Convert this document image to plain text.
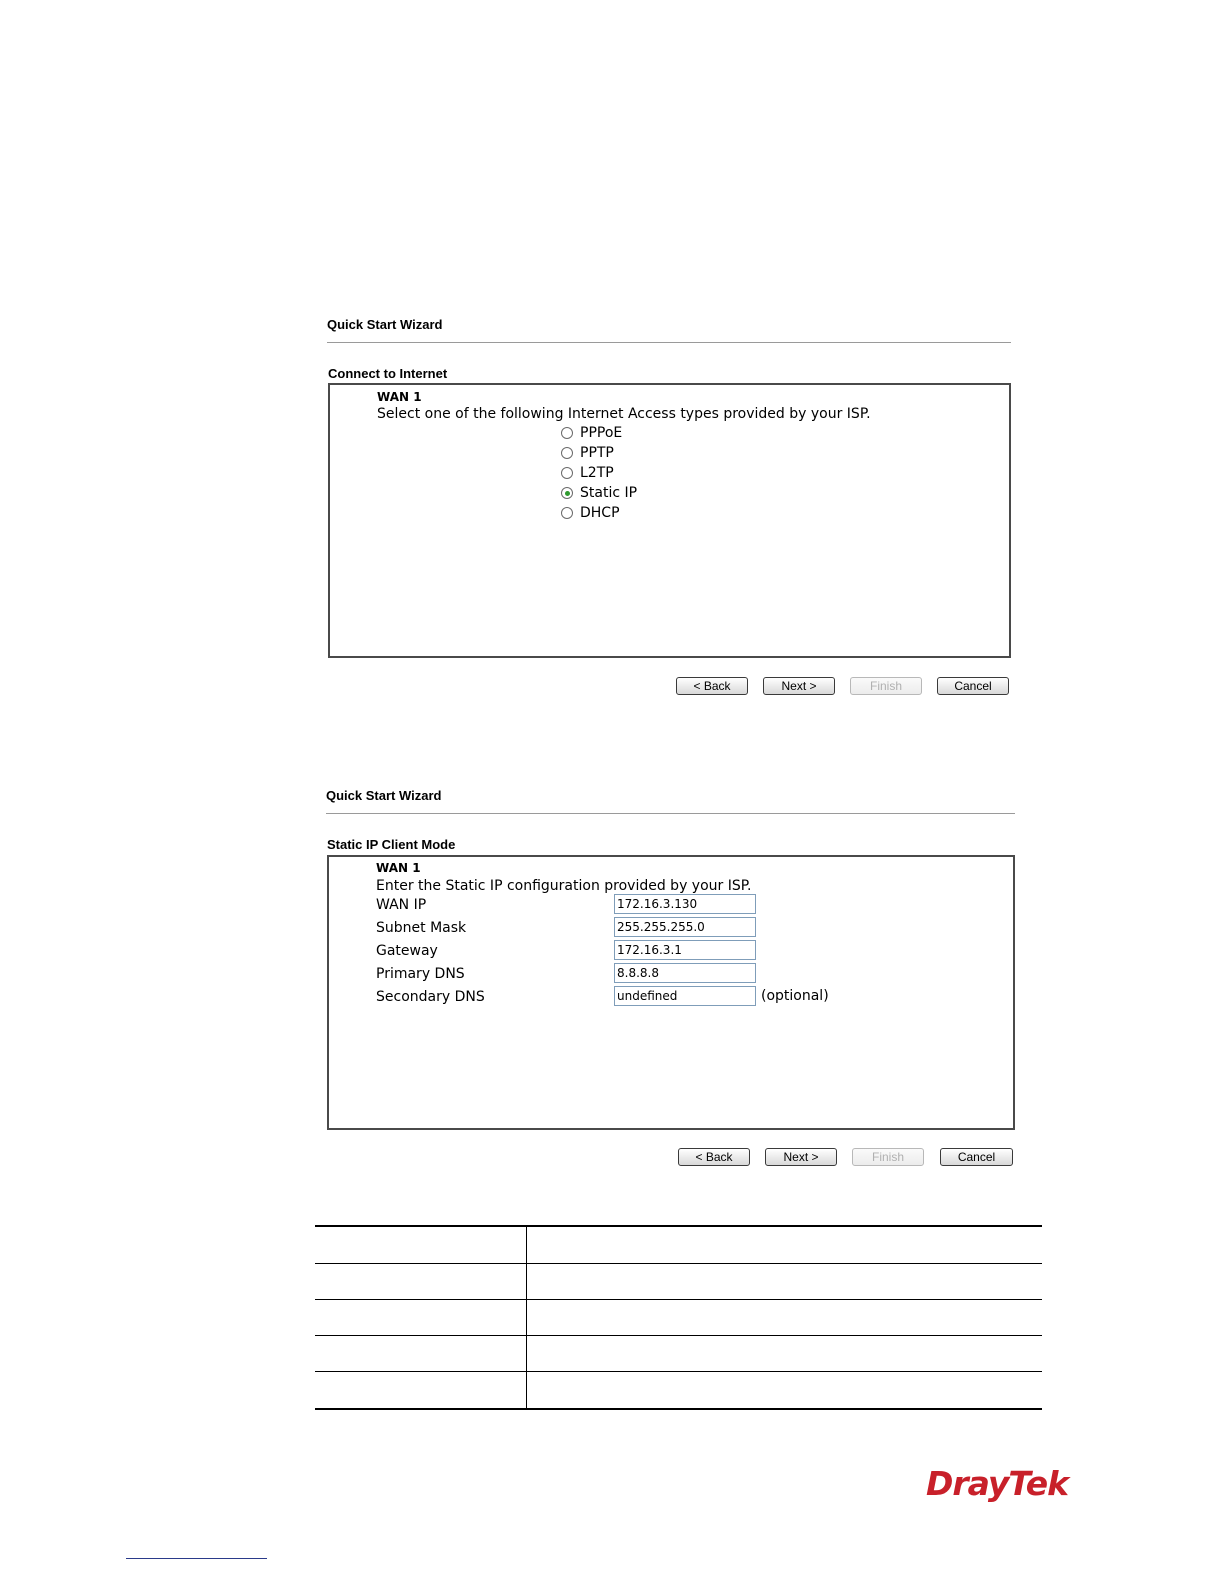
Quick Start Wizard
Connect to Internet
WAN 1
Select one of the following Internet Access types provided by your ISP.
PPPoE
PPTP
L2TP
Static IP
DHCP
< Back	Next >	Finish	Cancel
Quick Start Wizard
Static IP Client Mode
WAN 1
Enter the Static IP configuration provided by your ISP.
WAN IP
172.16.3.130
Subnet Mask
255.255.255.0
Gateway
172.16.3.1
Primary DNS
8.8.8.8
Secondary DNS
undefined	(optional)
< Back	Next >	Finish	Cancel
DrayTek
